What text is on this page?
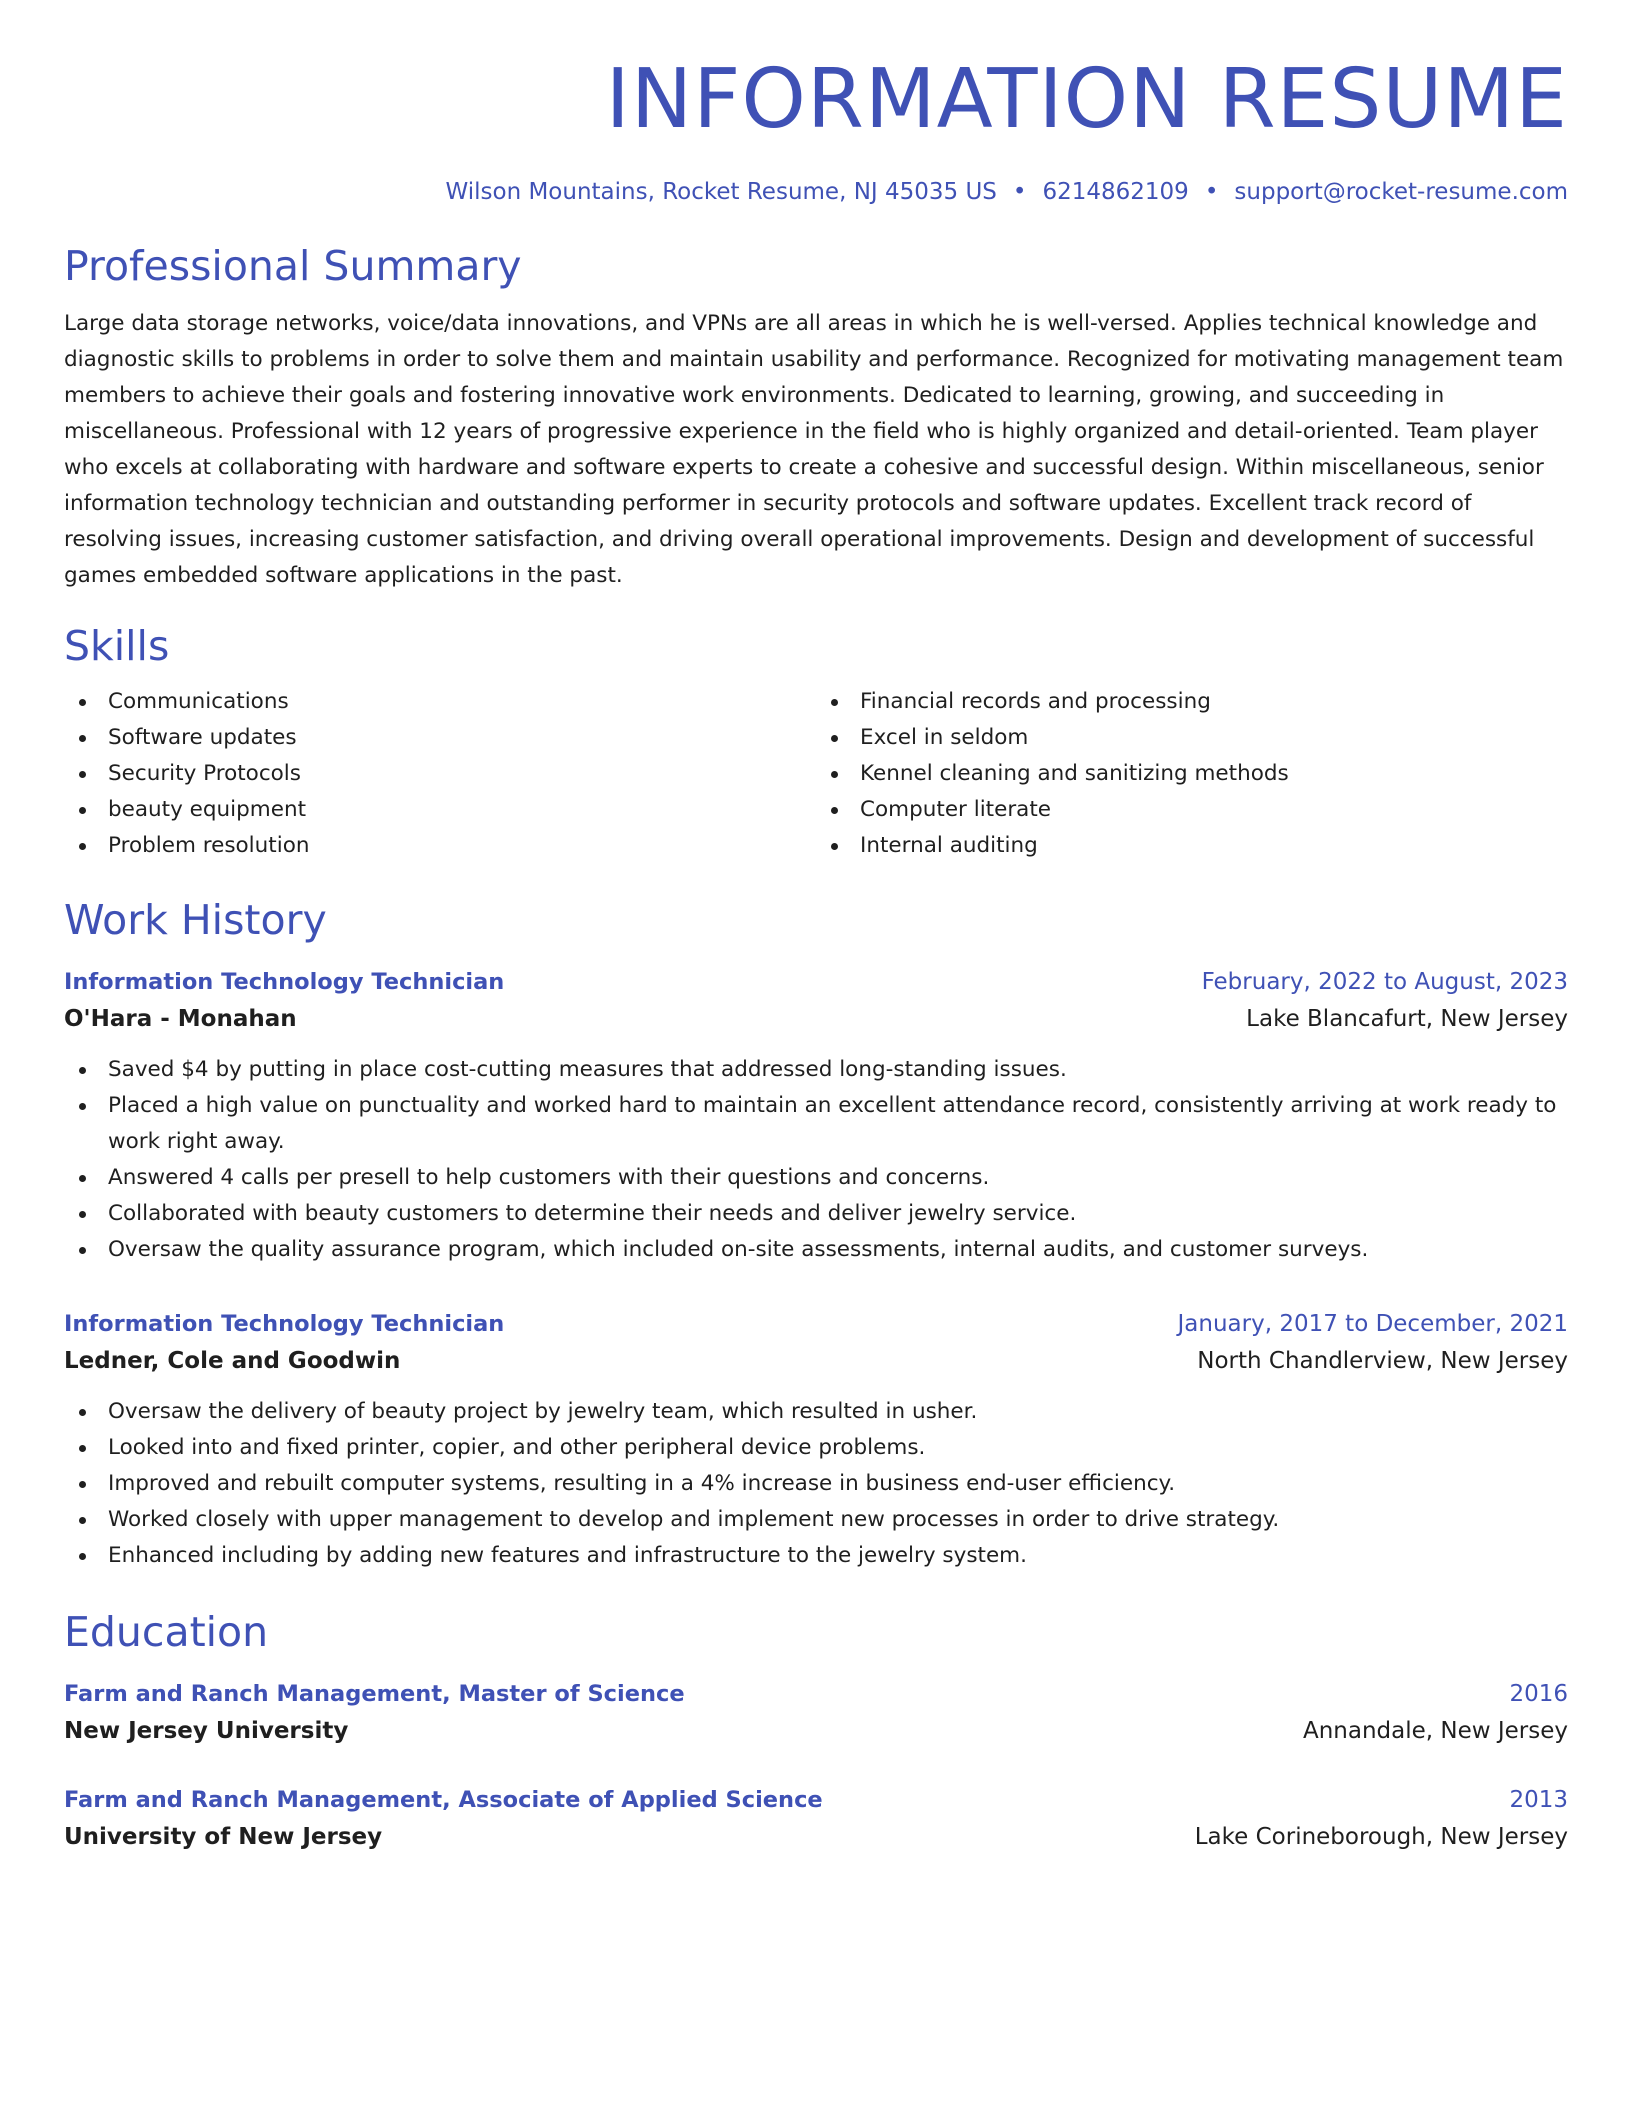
INFORMATION RESUME
Wilson Mountains, Rocket Resume, NJ 45035 US • 6214862109 • support@rocket-resume.com
Professional Summary

Large data storage networks, voice/data innovations, and VPNs are all areas in which he is well-versed. Applies technical knowledge and diagnostic skills to problems in order to solve them and maintain usability and performance. Recognized for motivating management team members to achieve their goals and fostering innovative work environments. Dedicated to learning, growing, and succeeding in miscellaneous. Professional with 12 years of progressive experience in the field who is highly organized and detail-oriented. Team player who excels at collaborating with hardware and software experts to create a cohesive and successful design. Within miscellaneous, senior information technology technician and outstanding performer in security protocols and software updates. Excellent track record of resolving issues, increasing customer satisfaction, and driving overall operational improvements. Design and development of successful games embedded software applications in the past.

Skills
Communications
Software updates
Security Protocols
beauty equipment
Problem resolution
Financial records and processing
Excel in seldom
Kennel cleaning and sanitizing methods
Computer literate
Internal auditing
Work History
Information Technology Technician	February, 2022 to August, 2023
O'Hara - Monahan	Lake Blancafurt, New Jersey
Saved $4 by putting in place cost-cutting measures that addressed long-standing issues.
Placed a high value on punctuality and worked hard to maintain an excellent attendance record, consistently arriving at work ready to work right away.
Answered 4 calls per presell to help customers with their questions and concerns.
Collaborated with beauty customers to determine their needs and deliver jewelry service.
Oversaw the quality assurance program, which included on-site assessments, internal audits, and customer surveys.
Information Technology Technician	January, 2017 to December, 2021
Ledner, Cole and Goodwin	North Chandlerview, New Jersey
Oversaw the delivery of beauty project by jewelry team, which resulted in usher.
Looked into and fixed printer, copier, and other peripheral device problems.
Improved and rebuilt computer systems, resulting in a 4% increase in business end-user efficiency.
Worked closely with upper management to develop and implement new processes in order to drive strategy.
Enhanced including by adding new features and infrastructure to the jewelry system.
Education
Farm and Ranch Management, Master of Science	2016
New Jersey University	Annandale, New Jersey
Farm and Ranch Management, Associate of Applied Science	2013
University of New Jersey	Lake Corineborough, New Jersey
